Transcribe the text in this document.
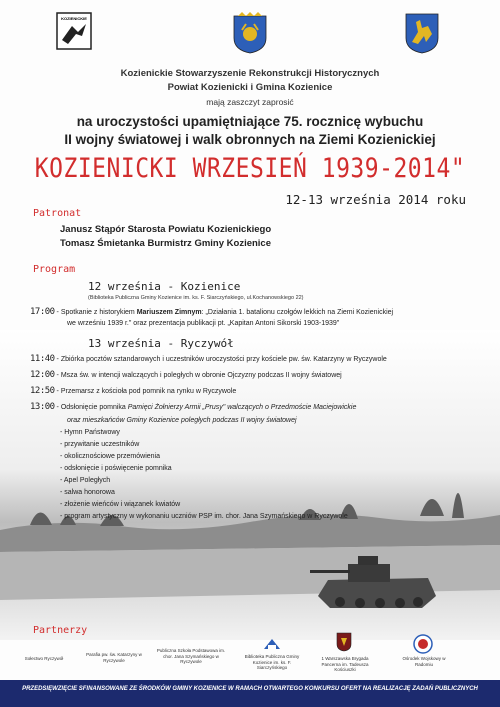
KOZIENICKIE
Kozienickie Stowarzyszenie Rekonstrukcji Historycznych
Powiat Kozienicki i Gmina Kozienice
mają zaszczyt zaprosić
na uroczystości upamiętniające 75. rocznicę wybuchu
II wojny światowej i walk obronnych na Ziemi Kozienickiej
KOZIENICKI WRZESIEŃ 1939-2014"
12-13 września 2014 roku
Patronat
Janusz Stąpór Starosta Powiatu Kozienickiego
Tomasz Śmietanka Burmistrz Gminy Kozienice
Program
12 września - Kozienice
(Biblioteka Publiczna Gminy Kozienice im. ks. F. Siarczyńskiego, ul.Kochanowskiego 22)
17:00 - Spotkanie z historykiem Mariuszem Zimnym: „Działania 1. batalionu czołgów lekkich na Ziemi Kozienickiej
we wrześniu 1939 r." oraz prezentacja publikacji pt. „Kapitan Antoni Sikorski 1903-1939"
13 września - Ryczywół
11:40 - Zbiórka pocztów sztandarowych i uczestników uroczystości przy kościele pw. św. Katarzyny w Ryczywole
12:00 - Msza św. w intencji walczących i poległych w obronie Ojczyzny podczas II wojny światowej
12:50 - Przemarsz z kościoła pod pomnik na rynku w Ryczywole
13:00 - Odsłonięcie pomnika Pamięci Żołnierzy Armii „Prusy" walczących o Przedmoście Maciejowickie
oraz mieszkańców Gminy Kozienice poległych podczas II wojny światowej
- Hymn Państwowy
- przywitanie uczestników
- okolicznościowe przemówienia
- odsłonięcie i poświęcenie pomnika
- Apel Poległych
- salwa honorowa
- złożenie wieńców i wiązanek kwiatów
- program artystyczny w wykonaniu uczniów PSP im. chor. Jana Szymańskiego w Ryczywole
Partnerzy
Sołectwo Ryczywół
Parafia pw. św. Katarzyny w Ryczywole
Publiczna Szkoła Podstawowa im. chor. Jana Szymańskiego w Ryczywole
Biblioteka Publiczna Gminy Kozienice im. ks. F. Siarczyńskiego
1 Warszawska Brygada Pancerna im. Tadeusza Kościuszki
Ośrodek Wojskowy w Radomiu
PRZEDSIĘWZIĘCIE SFINANSOWANE ZE ŚRODKÓW GMINY KOZIENICE W RAMACH OTWARTEGO KONKURSU OFERT NA REALIZACJĘ ZADAŃ PUBLICZNYCH
